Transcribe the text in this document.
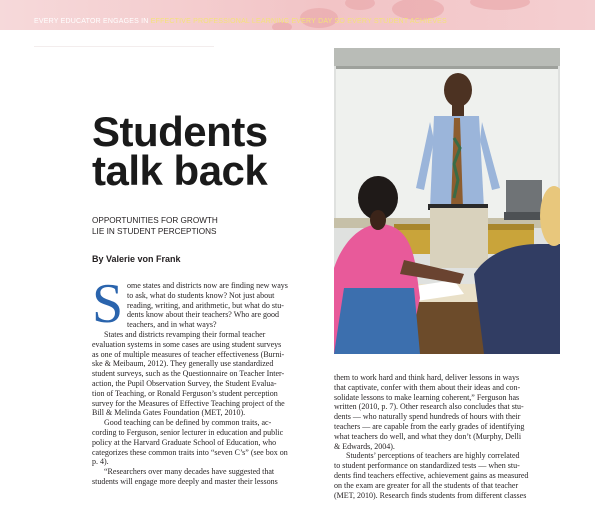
EVERY EDUCATOR ENGAGES IN EFFECTIVE PROFESSIONAL LEARNING EVERY DAY SO EVERY STUDENT ACHIEVES
Students
talk back
OPPORTUNITIES FOR GROWTH
LIE IN STUDENT PERCEPTIONS
By Valerie von Frank
S ome states and districts now are finding new ways
to ask, what do students know? Not just about
reading, writing, and arithmetic, but what do stu-
dents know about their teachers? Who are good
teachers, and in what ways?
States and districts revamping their formal teacher
evaluation systems in some cases are using student surveys
as one of multiple measures of teacher effectiveness (Burni-
ske & Meibaum, 2012). They generally use standardized
student surveys, such as the Questionnaire on Teacher Inter-
action, the Pupil Observation Survey, the Student Evalua-
tion of Teaching, or Ronald Ferguson’s student perception
survey for the Measures of Effective Teaching project of the
Bill & Melinda Gates Foundation (MET, 2010).
Good teaching can be defined by common traits, ac-
cording to Ferguson, senior lecturer in education and public
policy at the Harvard Graduate School of Education, who
categorizes these common traits into “seven C’s” (see box on
p. 4).
“Researchers over many decades have suggested that
students will engage more deeply and master their lessons
them to work hard and think hard, deliver lessons in ways
that captivate, confer with them about their ideas and con-
solidate lessons to make learning coherent,” Ferguson has
written (2010, p. 7). Other research also concludes that stu-
dents — who naturally spend hundreds of hours with their
teachers — are capable from the early grades of identifying
what teachers do well, and what they don’t (Murphy, Delli
& Edwards, 2004).
Students’ perceptions of teachers are highly correlated
to student performance on standardized tests — when stu-
dents find teachers effective, achievement gains as measured
on the exam are greater for all the students of that teacher
(MET, 2010). Research finds students from different classes
